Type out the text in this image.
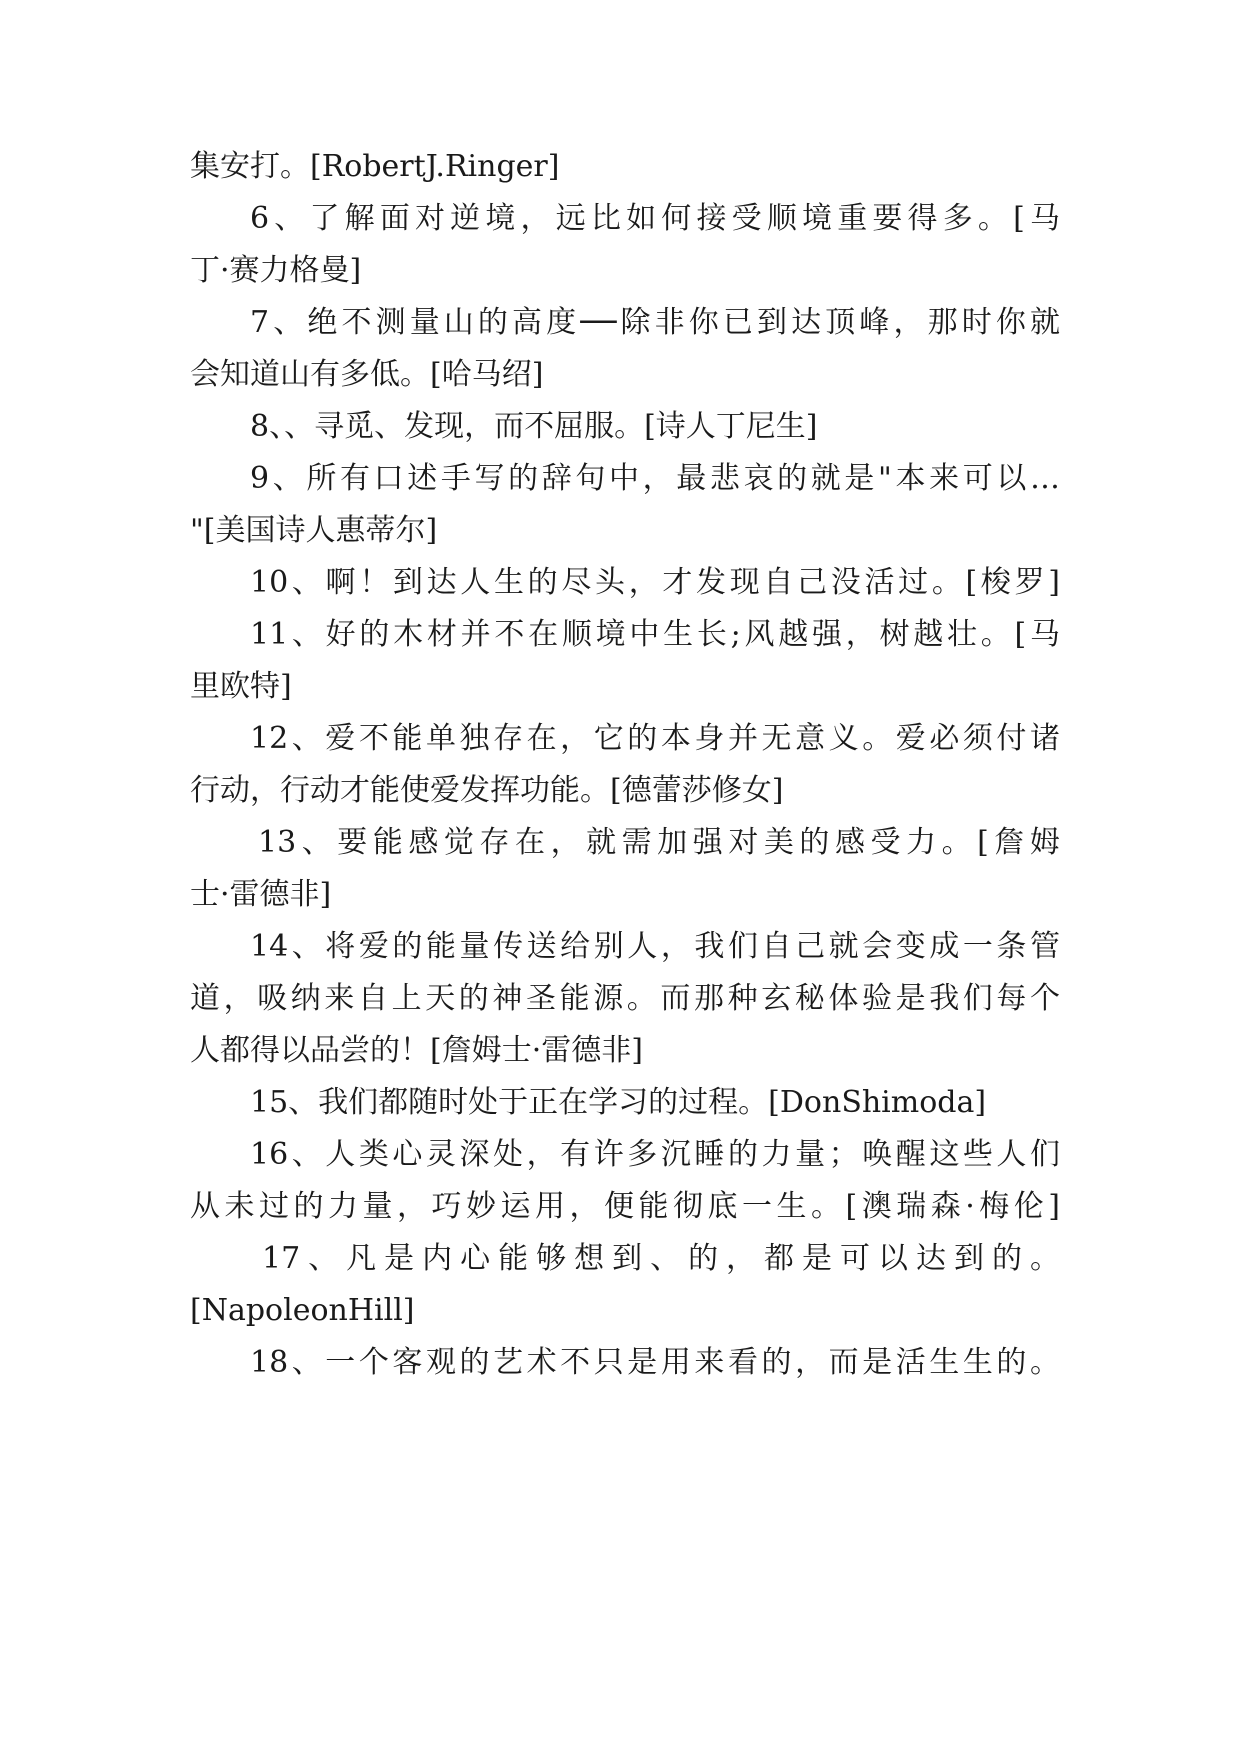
集安打。[RobertJ.Ringer]
6、了解面对逆境，远比如何接受顺境重要得多。[马
丁·赛力格曼]
7、绝不测量山的高度──除非你已到达顶峰，那时你就
会知道山有多低。[哈马绍]
8、、寻觅、发现，而不屈服。[诗人丁尼生]
9、所有口述手写的辞句中，最悲哀的就是"本来可以…
"[美国诗人惠蒂尔]
10、啊！到达人生的尽头，才发现自己没活过。[梭罗]
11、好的木材并不在顺境中生长;风越强，树越壮。[马
里欧特]
12、爱不能单独存在，它的本身并无意义。爱必须付诸
行动，行动才能使爱发挥功能。[德蕾莎修女]
13、要能感觉存在，就需加强对美的感受力。[詹姆
士·雷德非]
14、将爱的能量传送给别人，我们自己就会变成一条管
道，吸纳来自上天的神圣能源。而那种玄秘体验是我们每个
人都得以品尝的！[詹姆士·雷德非]
15、我们都随时处于正在学习的过程。[DonShimoda]
16、人类心灵深处，有许多沉睡的力量；唤醒这些人们
从未过的力量，巧妙运用，便能彻底一生。[澳瑞森·梅伦]
17、凡是内心能够想到、的，都是可以达到的。
[NapoleonHill]
18、一个客观的艺术不只是用来看的，而是活生生的。
